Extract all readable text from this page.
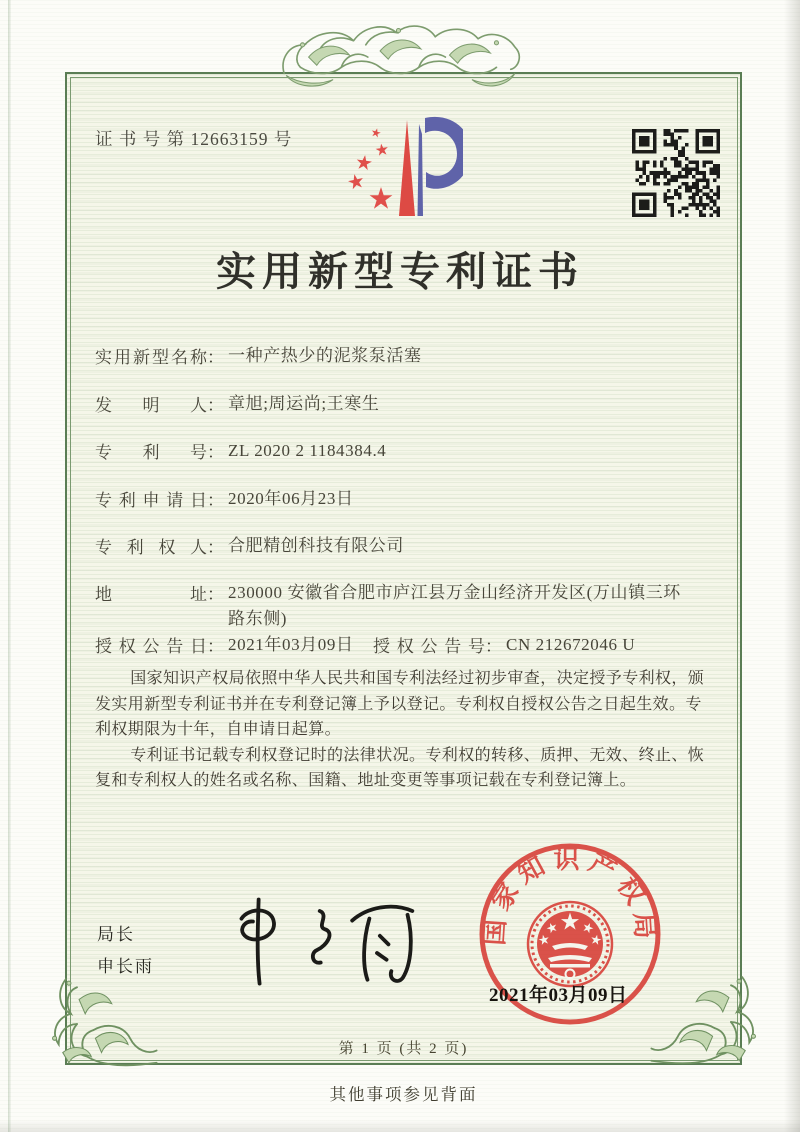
证 书 号 第 12663159 号
实用新型专利证书
实用新型名称： 一种产热少的泥浆泵活塞
发明人： 章旭;周运尚;王寒生
专利号： ZL 2020 2 1184384.4
专利申请日： 2020年06月23日
专利权人： 合肥精创科技有限公司
地址： 230000 安徽省合肥市庐江县万金山经济开发区(万山镇三环路东侧)
授权公告日： 2021年03月09日 授权公告号： CN 212672046 U

国家知识产权局依照中华人民共和国专利法经过初步审查，决定授予专利权，颁发实用新型专利证书并在专利登记簿上予以登记。专利权自授权公告之日起生效。专利权期限为十年，自申请日起算。

专利证书记载专利权登记时的法律状况。专利权的转移、质押、无效、终止、恢复和专利权人的姓名或名称、国籍、地址变更等事项记载在专利登记簿上。

局长
申长雨
国家知识产权局
2021年03月09日
第 1 页 (共 2 页)
其他事项参见背面
